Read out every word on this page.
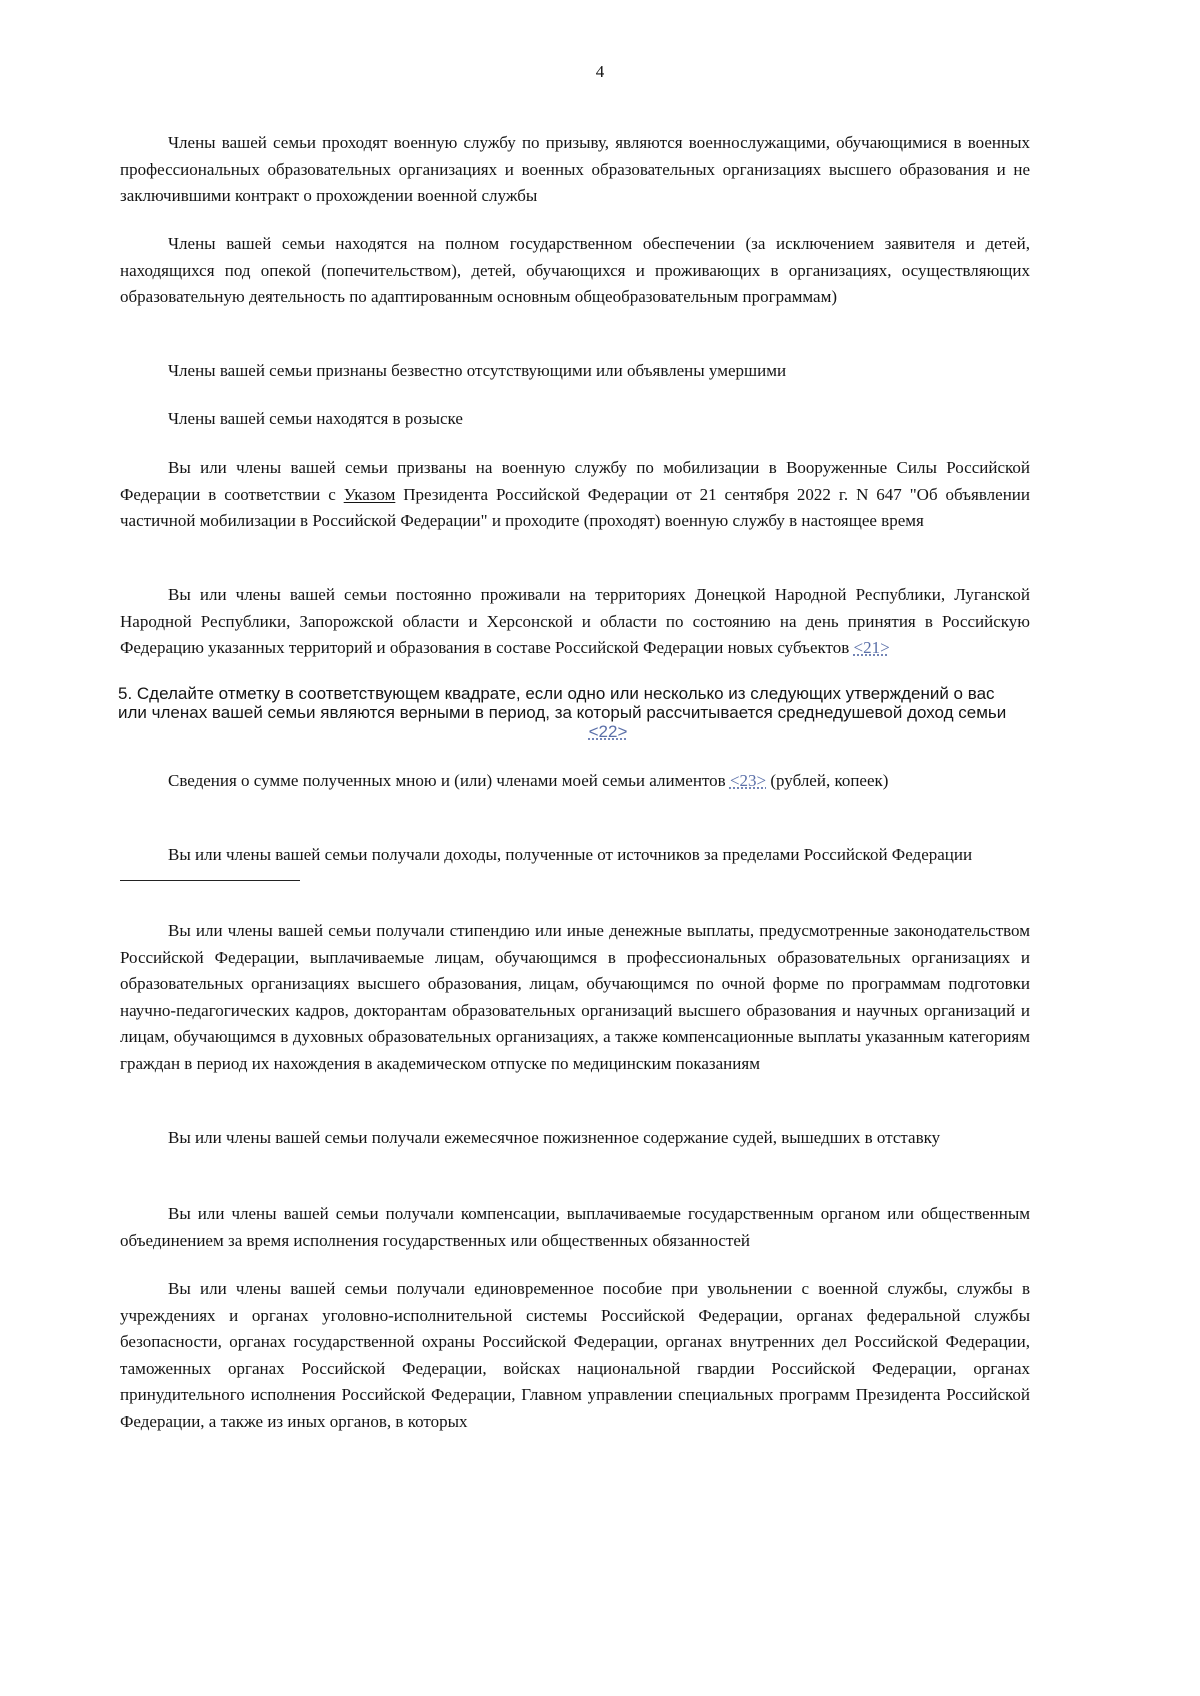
4

Члены вашей семьи проходят военную службу по призыву, являются военнослужащими, обучающимися в военных профессиональных образовательных организациях и военных образовательных организациях высшего образования и не заключившими контракт о прохождении военной службы

Члены вашей семьи находятся на полном государственном обеспечении (за исключением заявителя и детей, находящихся под опекой (попечительством), детей, обучающихся и проживающих в организациях, осуществляющих образовательную деятельность по адаптированным основным общеобразовательным программам)

Члены вашей семьи признаны безвестно отсутствующими или объявлены умершими

Члены вашей семьи находятся в розыске

Вы или члены вашей семьи призваны на военную службу по мобилизации в Вооруженные Силы Российской Федерации в соответствии с Указом Президента Российской Федерации от 21 сентября 2022 г. N 647 "Об объявлении частичной мобилизации в Российской Федерации" и проходите (проходят) военную службу в настоящее время

Вы или члены вашей семьи постоянно проживали на территориях Донецкой Народной Республики, Луганской Народной Республики, Запорожской области и Херсонской и области по состоянию на день принятия в Российскую Федерацию указанных территорий и образования в составе Российской Федерации новых субъектов <21>

5. Сделайте отметку в соответствующем квадрате, если одно или несколько из следующих утверждений о вас
или членах вашей семьи являются верными в период, за который рассчитывается среднедушевой доход семьи
<22>

Сведения о сумме полученных мною и (или) членами моей семьи алиментов <23> (рублей, копеек)

Вы или члены вашей семьи получали доходы, полученные от источников за пределами Российской Федерации

Вы или члены вашей семьи получали стипендию или иные денежные выплаты, предусмотренные законодательством Российской Федерации, выплачиваемые лицам, обучающимся в профессиональных образовательных организациях и образовательных организациях высшего образования, лицам, обучающимся по очной форме по программам подготовки научно-педагогических кадров, докторантам образовательных организаций высшего образования и научных организаций и лицам, обучающимся в духовных образовательных организациях, а также компенсационные выплаты указанным категориям граждан в период их нахождения в академическом отпуске по медицинским показаниям

Вы или члены вашей семьи получали ежемесячное пожизненное содержание судей, вышедших в отставку

Вы или члены вашей семьи получали компенсации, выплачиваемые государственным органом или общественным объединением за время исполнения государственных или общественных обязанностей

Вы или члены вашей семьи получали единовременное пособие при увольнении с военной службы, службы в учреждениях и органах уголовно-исполнительной системы Российской Федерации, органах федеральной службы безопасности, органах государственной охраны Российской Федерации, органах внутренних дел Российской Федерации, таможенных органах Российской Федерации, войсках национальной гвардии Российской Федерации, органах принудительного исполнения Российской Федерации, Главном управлении специальных программ Президента Российской Федерации, а также из иных органов, в которых
